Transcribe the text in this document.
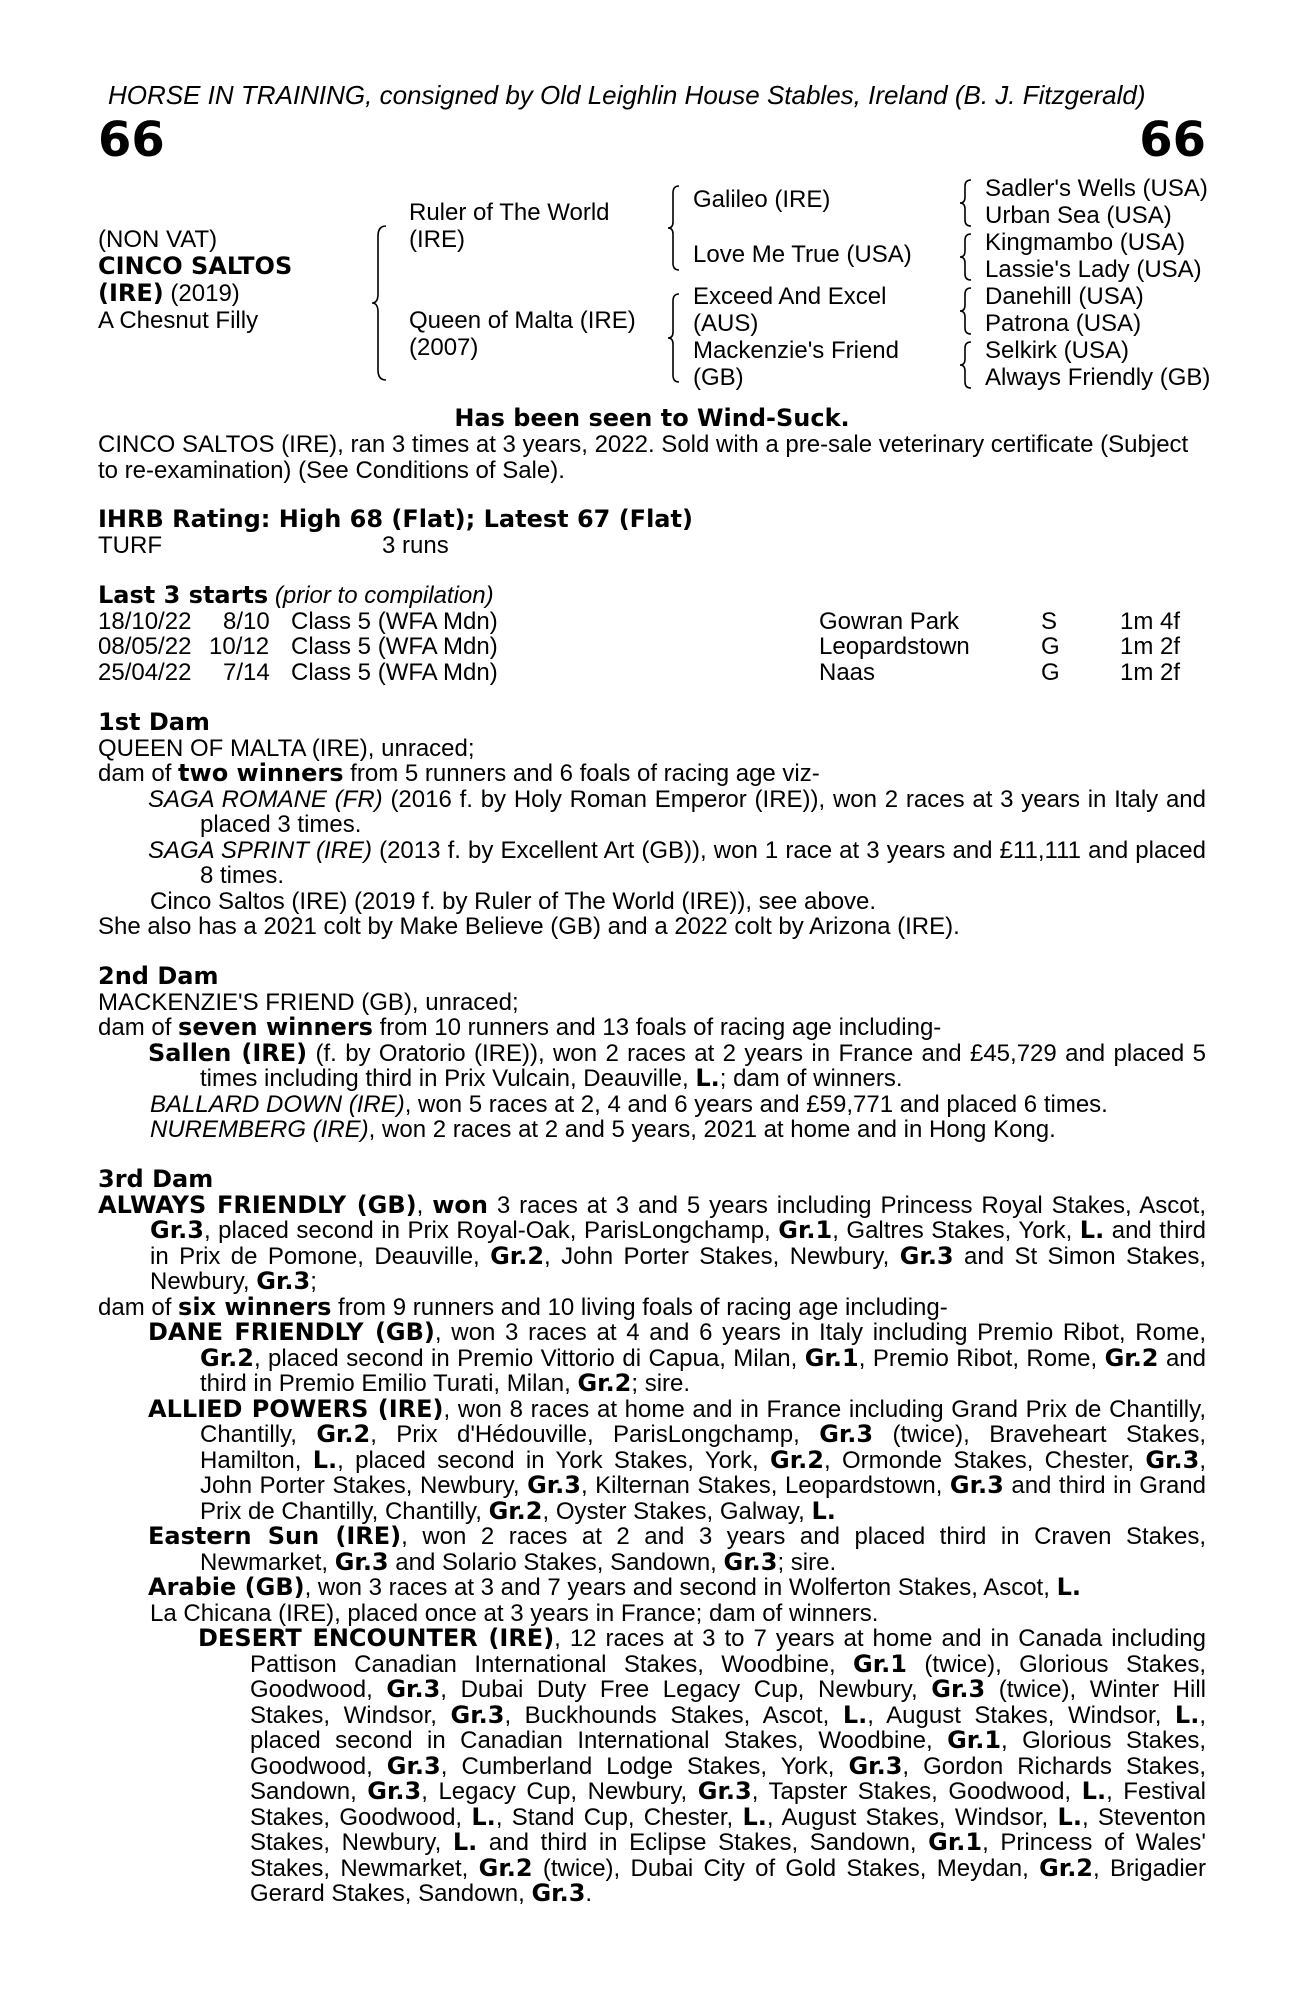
HORSE IN TRAINING, consigned by Old Leighlin House Stables, Ireland (B. J. Fitzgerald)
66	66
(NON VAT)
CINCO SALTOS
(IRE) (2019)
A Chesnut Filly
Ruler of The World
(IRE)
Queen of Malta (IRE)
(2007)
Galileo (IRE)
Love Me True (USA)
Exceed And Excel
(AUS)
Mackenzie's Friend
(GB)
Sadler's Wells (USA)
Urban Sea (USA)
Kingmambo (USA)
Lassie's Lady (USA)
Danehill (USA)
Patrona (USA)
Selkirk (USA)
Always Friendly (GB)
Has been seen to Wind-Suck.
CINCO SALTOS (IRE), ran 3 times at 3 years, 2022. Sold with a pre-sale veterinary certificate (Subject to re-examination) (See Conditions of Sale).
IHRB Rating: High 68 (Flat); Latest 67 (Flat)
TURF	3 runs
Last 3 starts (prior to compilation)
18/10/22 8/10 Class 5 (WFA Mdn)	Gowran Park	S	1m 4f
08/05/22 10/12 Class 5 (WFA Mdn)	Leopardstown	G	1m 2f
25/04/22 7/14 Class 5 (WFA Mdn)	Naas	G	1m 2f
1st Dam
QUEEN OF MALTA (IRE), unraced;
dam of two winners from 5 runners and 6 foals of racing age viz-
SAGA ROMANE (FR) (2016 f. by Holy Roman Emperor (IRE)), won 2 races at 3 years in Italy and placed 3 times.
SAGA SPRINT (IRE) (2013 f. by Excellent Art (GB)), won 1 race at 3 years and £11,111 and placed 8 times.
Cinco Saltos (IRE) (2019 f. by Ruler of The World (IRE)), see above.
She also has a 2021 colt by Make Believe (GB) and a 2022 colt by Arizona (IRE).
2nd Dam
MACKENZIE'S FRIEND (GB), unraced;
dam of seven winners from 10 runners and 13 foals of racing age including-
Sallen (IRE) (f. by Oratorio (IRE)), won 2 races at 2 years in France and £45,729 and placed 5 times including third in Prix Vulcain, Deauville, L.; dam of winners.
BALLARD DOWN (IRE), won 5 races at 2, 4 and 6 years and £59,771 and placed 6 times.
NUREMBERG (IRE), won 2 races at 2 and 5 years, 2021 at home and in Hong Kong.
3rd Dam
ALWAYS FRIENDLY (GB), won 3 races at 3 and 5 years including Princess Royal Stakes, Ascot, Gr.3, placed second in Prix Royal-Oak, ParisLongchamp, Gr.1, Galtres Stakes, York, L. and third in Prix de Pomone, Deauville, Gr.2, John Porter Stakes, Newbury, Gr.3 and St Simon Stakes, Newbury, Gr.3;
dam of six winners from 9 runners and 10 living foals of racing age including-
DANE FRIENDLY (GB), won 3 races at 4 and 6 years in Italy including Premio Ribot, Rome, Gr.2, placed second in Premio Vittorio di Capua, Milan, Gr.1, Premio Ribot, Rome, Gr.2 and third in Premio Emilio Turati, Milan, Gr.2; sire.
ALLIED POWERS (IRE), won 8 races at home and in France including Grand Prix de Chantilly, Chantilly, Gr.2, Prix d'Hédouville, ParisLongchamp, Gr.3 (twice), Braveheart Stakes, Hamilton, L., placed second in York Stakes, York, Gr.2, Ormonde Stakes, Chester, Gr.3, John Porter Stakes, Newbury, Gr.3, Kilternan Stakes, Leopardstown, Gr.3 and third in Grand Prix de Chantilly, Chantilly, Gr.2, Oyster Stakes, Galway, L.
Eastern Sun (IRE), won 2 races at 2 and 3 years and placed third in Craven Stakes, Newmarket, Gr.3 and Solario Stakes, Sandown, Gr.3; sire.
Arabie (GB), won 3 races at 3 and 7 years and second in Wolferton Stakes, Ascot, L.
La Chicana (IRE), placed once at 3 years in France; dam of winners.
DESERT ENCOUNTER (IRE), 12 races at 3 to 7 years at home and in Canada including Pattison Canadian International Stakes, Woodbine, Gr.1 (twice), Glorious Stakes, Goodwood, Gr.3, Dubai Duty Free Legacy Cup, Newbury, Gr.3 (twice), Winter Hill Stakes, Windsor, Gr.3, Buckhounds Stakes, Ascot, L., August Stakes, Windsor, L., placed second in Canadian International Stakes, Woodbine, Gr.1, Glorious Stakes, Goodwood, Gr.3, Cumberland Lodge Stakes, York, Gr.3, Gordon Richards Stakes, Sandown, Gr.3, Legacy Cup, Newbury, Gr.3, Tapster Stakes, Goodwood, L., Festival Stakes, Goodwood, L., Stand Cup, Chester, L., August Stakes, Windsor, L., Steventon Stakes, Newbury, L. and third in Eclipse Stakes, Sandown, Gr.1, Princess of Wales' Stakes, Newmarket, Gr.2 (twice), Dubai City of Gold Stakes, Meydan, Gr.2, Brigadier Gerard Stakes, Sandown, Gr.3.
